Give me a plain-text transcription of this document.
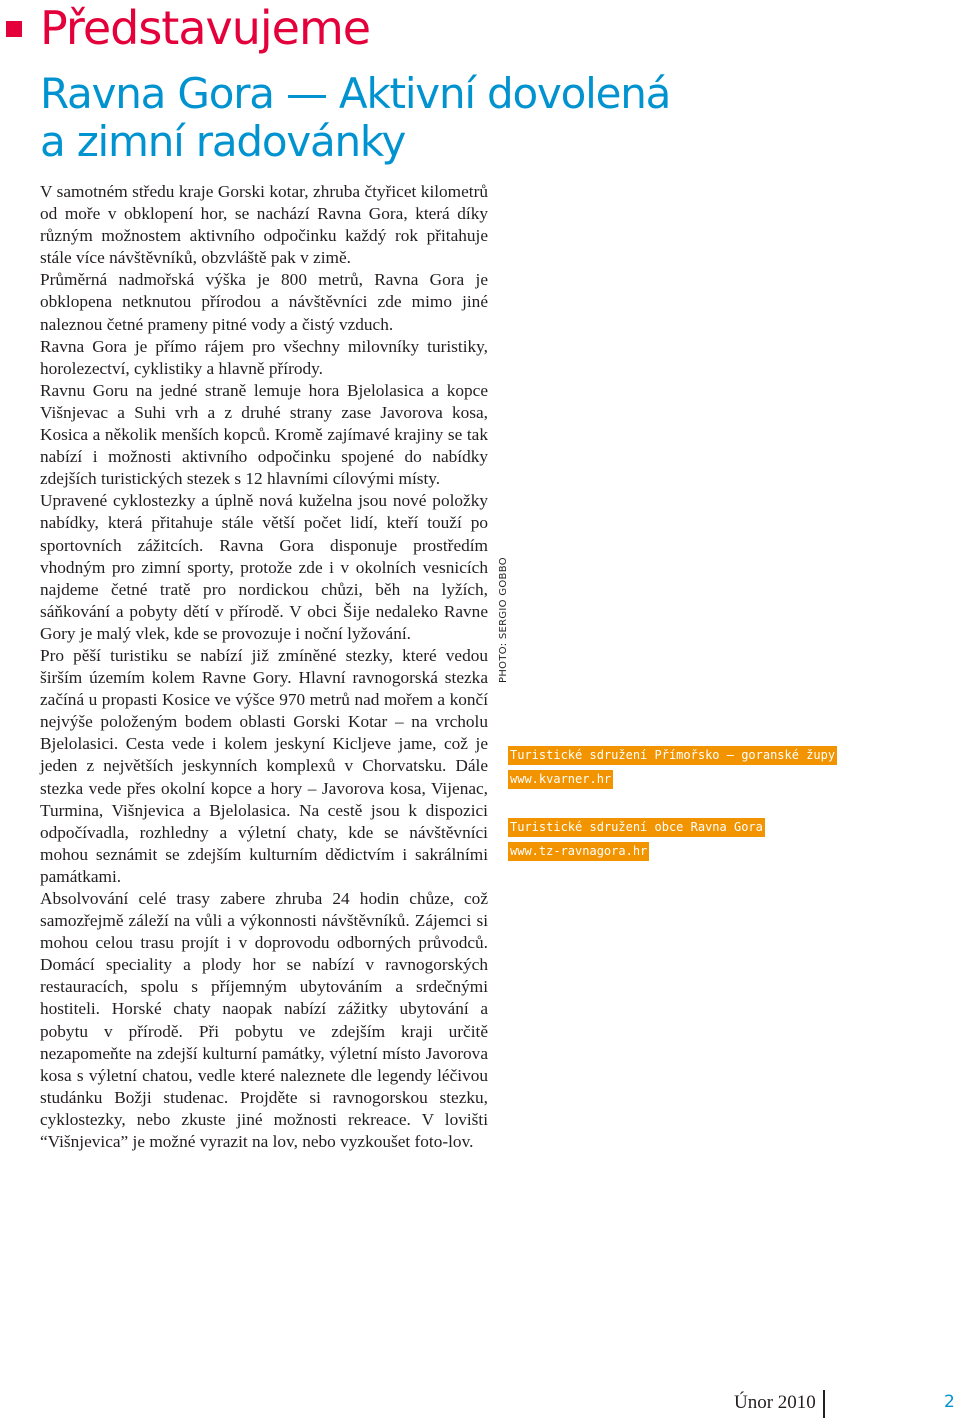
Představujeme
Ravna Gora — Aktivní dovolená
a zimní radovánky

V samotném středu kraje Gorski kotar, zhruba čtyřicet kilometrů od moře v obklopení hor, se nachází Ravna Gora, která díky různým možnostem aktivního odpočinku každý rok přitahuje stále více návštěvníků, obzvláště pak v zimě.

Průměrná nadmořská výška je 800 metrů, Ravna Gora je obklopena netknutou přírodou a návštěvníci zde mimo jiné naleznou četné prameny pitné vody a čistý vzduch.

Ravna Gora je přímo rájem pro všechny milovníky turistiky, horolezectví, cyklistiky a hlavně přírody.

Ravnu Goru na jedné straně lemuje hora Bjelolasica a kopce Višnjevac a Suhi vrh a z druhé strany zase Javorova kosa, Kosica a několik menších kopců. Kromě zajímavé krajiny se tak nabízí i možnosti aktivního odpočinku spojené do nabídky zdejších turistických stezek s 12 hlavními cílovými místy.

Upravené cyklostezky a úplně nová kuželna jsou nové položky nabídky, která přitahuje stále větší počet lidí, kteří touží po sportovních zážitcích. Ravna Gora disponuje prostředím vhodným pro zimní sporty, protože zde i v okolních vesnicích najdeme četné tratě pro nordickou chůzi, běh na lyžích, sáňkování a pobyty dětí v přírodě. V obci Šije nedaleko Ravne Gory je malý vlek, kde se provozuje i noční lyžování.

Pro pěší turistiku se nabízí již zmíněné stezky, které vedou širším územím kolem Ravne Gory. Hlavní ravnogorská stezka začíná u propasti Kosice ve výšce 970 metrů nad mořem a končí nejvýše položeným bodem oblasti Gorski Kotar – na vrcholu Bjelolasici. Cesta vede i kolem jeskyní Kicljeve jame, což je jeden z největších jeskynních komplexů v Chorvatsku. Dále stezka vede přes okolní kopce a hory – Javorova kosa, Vijenac, Turmina, Višnjevica a Bjelolasica. Na cestě jsou k dispozici odpočívadla, rozhledny a výletní chaty, kde se návštěvníci mohou seznámit se zdejším kulturním dědictvím i sakrálními památkami.

Absolvování celé trasy zabere zhruba 24 hodin chůze, což samozřejmě záleží na vůli a výkonnosti návštěvníků. Zájemci si mohou celou trasu projít i v doprovodu odborných průvodců. Domácí speciality a plody hor se nabízí v ravnogorských restauracích, spolu s příjemným ubytováním a srdečnými hostiteli. Horské chaty naopak nabízí zážitky ubytování a pobytu v přírodě. Při pobytu ve zdejším kraji určitě nezapomeňte na zdejší kulturní památky, výletní místo Javorova kosa s výletní chatou, vedle které naleznete dle legendy léčivou studánku Božji studenac. Projděte si ravnogorskou stezku, cyklostezky, nebo zkuste jiné možnosti rekreace. V lovišti “Višnjevica” je možné vyrazit na lov, nebo vyzkoušet foto-lov.

PHOTO: SERGIO GOBBO
Turistické sdružení Přímořsko – goranské župy
www.kvarner.hr
Turistické sdružení obce Ravna Gora
www.tz-ravnagora.hr
Únor 2010	2
